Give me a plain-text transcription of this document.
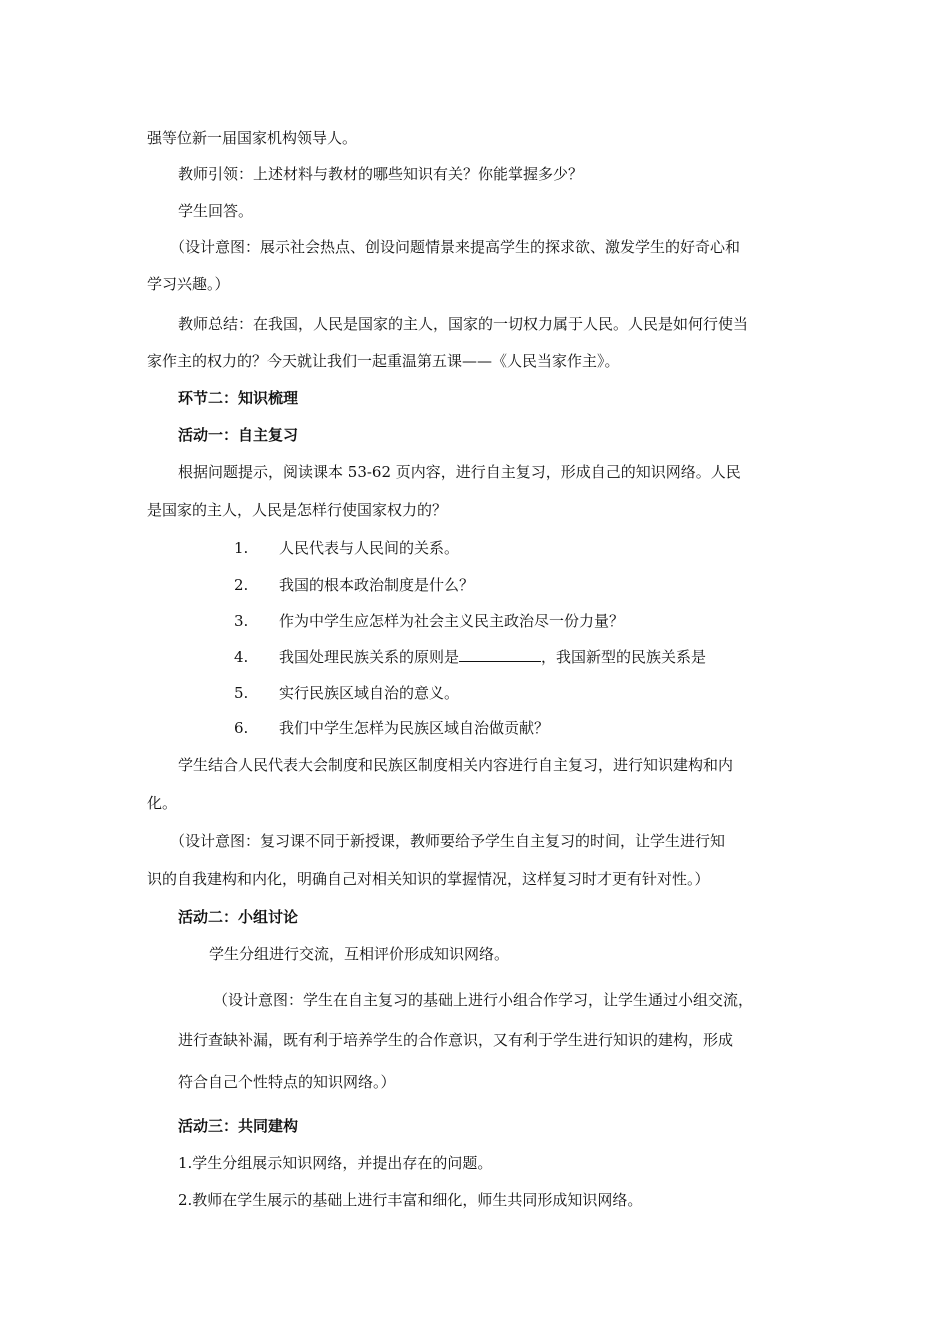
强等位新一届国家机构领导人。
教师引领：上述材料与教材的哪些知识有关？你能掌握多少？
学生回答。
（设计意图：展示社会热点、创设问题情景来提高学生的探求欲、激发学生的好奇心和
学习兴趣。）
教师总结：在我国，人民是国家的主人，国家的一切权力属于人民。人民是如何行使当
家作主的权力的？今天就让我们一起重温第五课——《人民当家作主》。
环节二：知识梳理
活动一：自主复习
根据问题提示，阅读课本 53-62 页内容，进行自主复习，形成自己的知识网络。人民
是国家的主人，人民是怎样行使国家权力的？
1. 人民代表与人民间的关系。
2. 我国的根本政治制度是什么？
3. 作为中学生应怎样为社会主义民主政治尽一份力量？
4. 我国处理民族关系的原则是	，我国新型的民族关系是
5. 实行民族区域自治的意义。
6. 我们中学生怎样为民族区域自治做贡献？
学生结合人民代表大会制度和民族区制度相关内容进行自主复习，进行知识建构和内
化。
（设计意图：复习课不同于新授课，教师要给予学生自主复习的时间，让学生进行知
识的自我建构和内化，明确自己对相关知识的掌握情况，这样复习时才更有针对性。）
活动二：小组讨论
学生分组进行交流，互相评价形成知识网络。
（设计意图：学生在自主复习的基础上进行小组合作学习，让学生通过小组交流，
进行查缺补漏，既有利于培养学生的合作意识，又有利于学生进行知识的建构，形成
符合自己个性特点的知识网络。）
活动三：共同建构
1.学生分组展示知识网络，并提出存在的问题。
2.教师在学生展示的基础上进行丰富和细化，师生共同形成知识网络。
